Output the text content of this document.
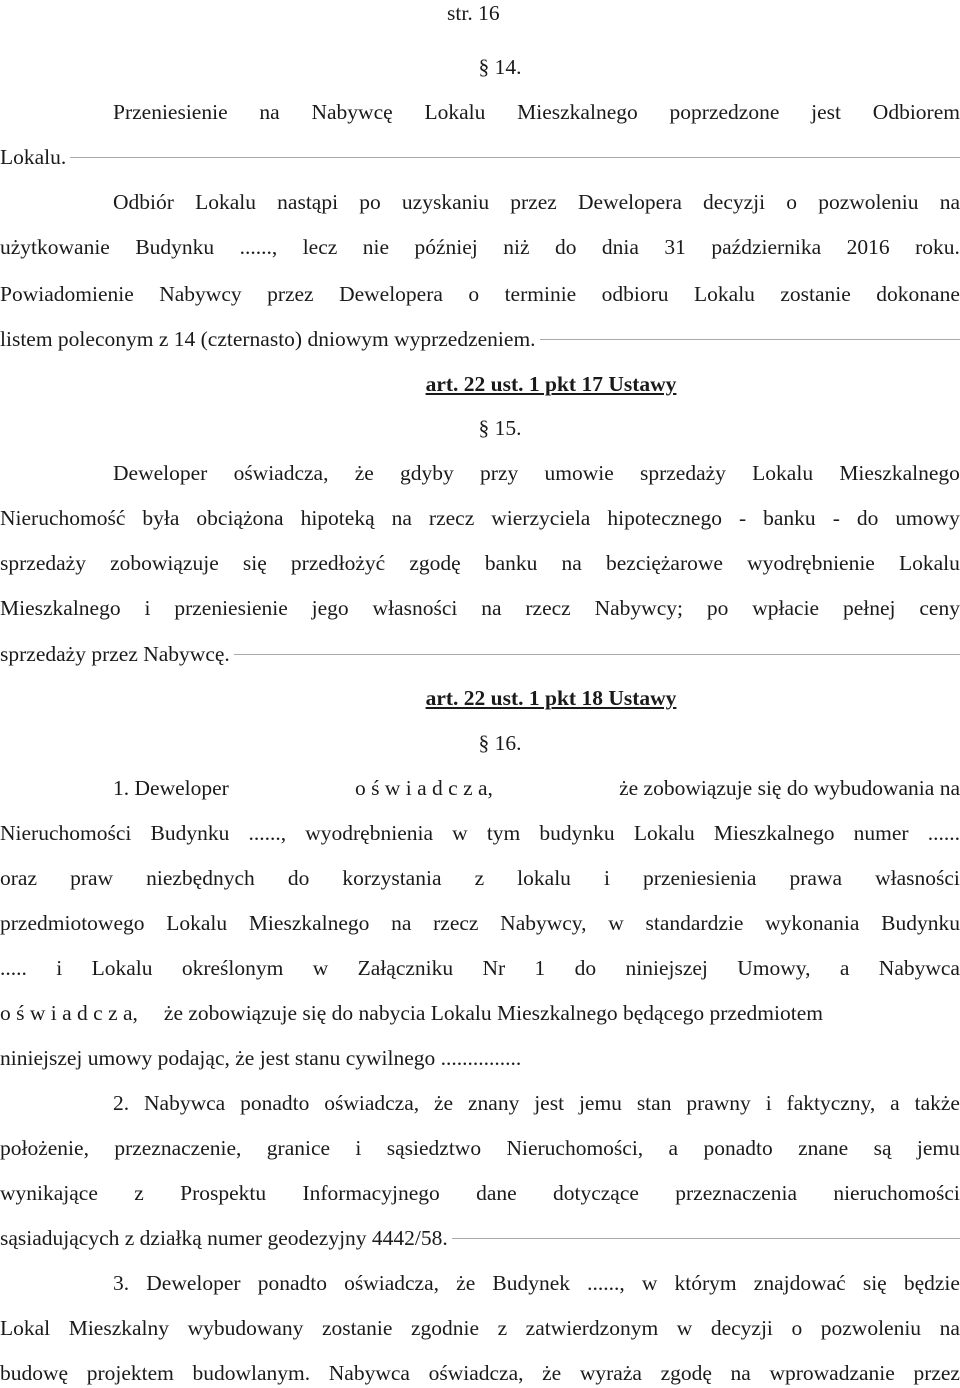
str. 16
§ 14.
Przeniesienie na Nabywcę Lokalu Mieszkalnego poprzedzone jest Odbiorem
Lokalu.
Odbiór Lokalu nastąpi po uzyskaniu przez Dewelopera decyzji o pozwoleniu na
użytkowanie Budynku ......, lecz nie później niż do dnia 31 października 2016 roku.
Powiadomienie Nabywcy przez Dewelopera o terminie odbioru Lokalu zostanie dokonane
listem poleconym z 14 (czternasto) dniowym wyprzedzeniem.
art. 22 ust. 1 pkt 17 Ustawy
§ 15.
Deweloper oświadcza, że gdyby przy umowie sprzedaży Lokalu Mieszkalnego
Nieruchomość była obciążona hipoteką na rzecz wierzyciela hipotecznego - banku - do umowy
sprzedaży zobowiązuje się przedłożyć zgodę banku na bezciężarowe wyodrębnienie Lokalu
Mieszkalnego i przeniesienie jego własności na rzecz Nabywcy; po wpłacie pełnej ceny
sprzedaży przez Nabywcę.
art. 22 ust. 1 pkt 18 Ustawy
§ 16.
1. Deweloper	o ś w i a d c z a,	że zobowiązuje się do wybudowania na
Nieruchomości Budynku ......, wyodrębnienia w tym budynku Lokalu Mieszkalnego numer ......
oraz praw niezbędnych do korzystania z lokalu i przeniesienia prawa własności
przedmiotowego Lokalu Mieszkalnego na rzecz Nabywcy, w standardzie wykonania Budynku
..... i Lokalu określonym w Załączniku Nr 1 do niniejszej Umowy, a Nabywca
o ś w i a d c z a, że zobowiązuje się do nabycia Lokalu Mieszkalnego będącego przedmiotem
niniejszej umowy podając, że jest stanu cywilnego ...............
2. Nabywca ponadto oświadcza, że znany jest jemu stan prawny i faktyczny, a także
położenie, przeznaczenie, granice i sąsiedztwo Nieruchomości, a ponadto znane są jemu
wynikające z Prospektu Informacyjnego dane dotyczące przeznaczenia nieruchomości
sąsiadujących z działką numer geodezyjny 4442/58.
3. Deweloper ponadto oświadcza, że Budynek ......, w którym znajdować się będzie
Lokal Mieszkalny wybudowany zostanie zgodnie z zatwierdzonym w decyzji o pozwoleniu na
budowę projektem budowlanym. Nabywca oświadcza, że wyraża zgodę na wprowadzanie przez
